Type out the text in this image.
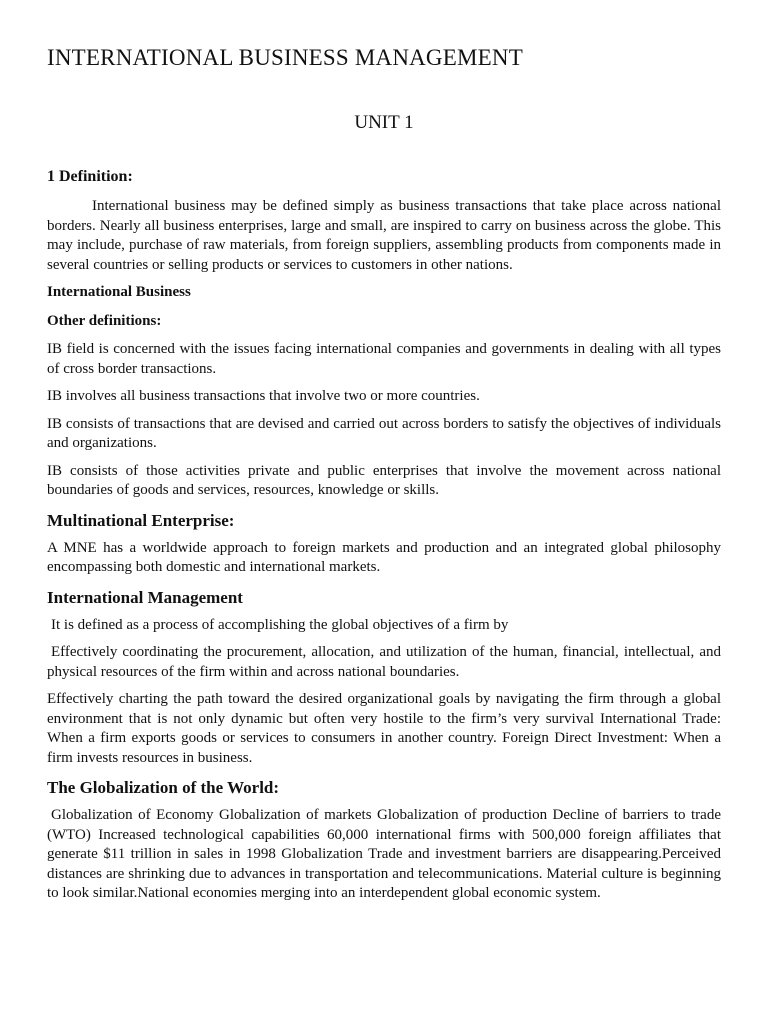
INTERNATIONAL BUSINESS MANAGEMENT
UNIT 1
1 Definition:

International business may be defined simply as business transactions that take place across national borders. Nearly all business enterprises, large and small, are inspired to carry on business across the globe. This may include, purchase of raw materials, from foreign suppliers, assembling products from components made in several countries or selling products or services to customers in other nations.

International Business
Other definitions:

IB field is concerned with the issues facing international companies and governments in dealing with all types of cross border transactions.

IB involves all business transactions that involve two or more countries.

IB consists of transactions that are devised and carried out across borders to satisfy the objectives of individuals and organizations.

IB consists of those activities private and public enterprises that involve the movement across national boundaries of goods and services, resources, knowledge or skills.

Multinational Enterprise:

A MNE has a worldwide approach to foreign markets and production and an integrated global philosophy encompassing both domestic and international markets.

International Management

It is defined as a process of accomplishing the global objectives of a firm by

Effectively coordinating the procurement, allocation, and utilization of the human, financial, intellectual, and physical resources of the firm within and across national boundaries.

Effectively charting the path toward the desired organizational goals by navigating the firm through a global environment that is not only dynamic but often very hostile to the firm’s very survival International Trade: When a firm exports goods or services to consumers in another country. Foreign Direct Investment: When a firm invests resources in business.

The Globalization of the World:

Globalization of Economy Globalization of markets Globalization of production Decline of barriers to trade (WTO) Increased technological capabilities 60,000 international firms with 500,000 foreign affiliates that generate $11 trillion in sales in 1998 Globalization Trade and investment barriers are disappearing.Perceived distances are shrinking due to advances in transportation and telecommunications. Material culture is beginning to look similar.National economies merging into an interdependent global economic system.
